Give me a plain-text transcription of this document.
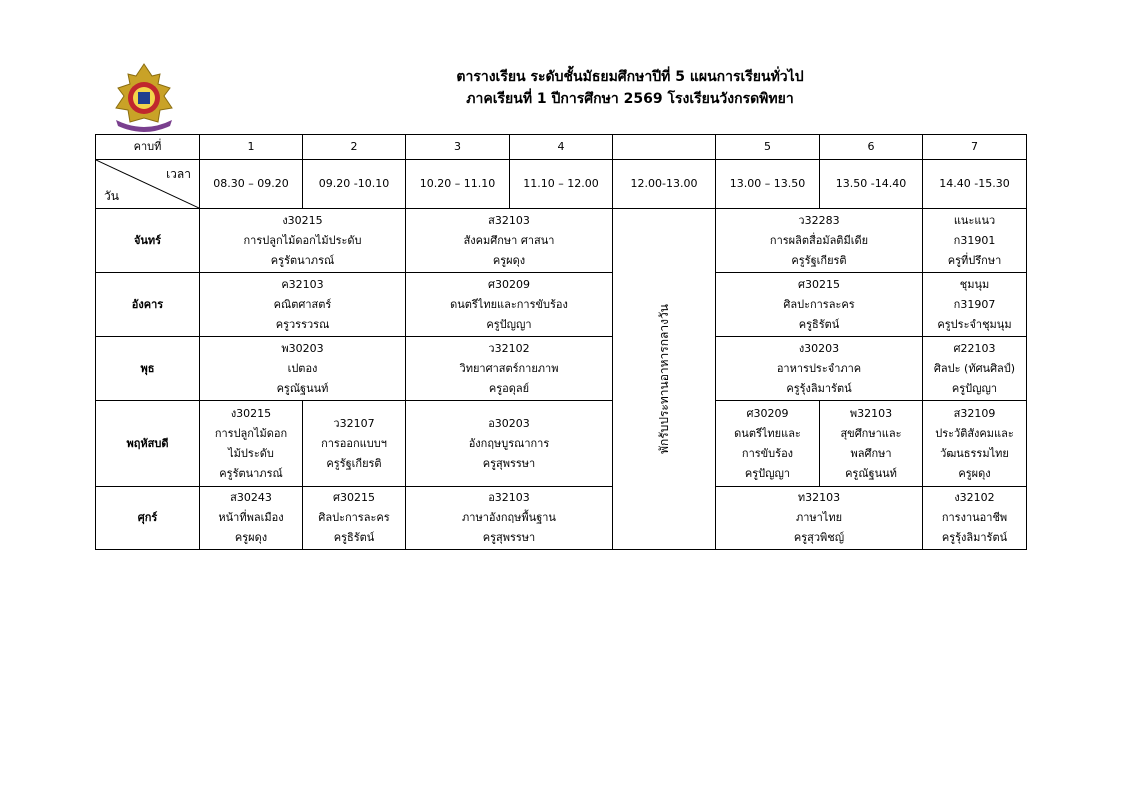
ตารางเรียน ระดับชั้นมัธยมศึกษาปีที่ 5 แผนการเรียนทั่วไป
ภาคเรียนที่ 1 ปีการศึกษา 2569 โรงเรียนวังกรดพิทยา
คาบที่	1	2	3	4		5	6	7

เวลา
วัน	08.30 – 09.20	09.20 -10.10	10.20 – 11.10	11.10 – 12.00	12.00-13.00	13.00 – 13.50	13.50 -14.40	14.40 -15.30
จันทร์	ง30215
การปลูกไม้ดอกไม้ประดับ
ครูรัตนาภรณ์		ส32103
สังคมศึกษา ศาสนา
ครูผดุง		พักรับประทานอาหารกลางวัน	ว32283
การผลิตสื่อมัลติมีเดีย
ครูรัฐเกียรติ		แนะแนว
ก31901
ครูที่ปรึกษา

อังคาร	ค32103
คณิตศาสตร์
ครูวรรวรณ		ศ30209
ดนตรีไทยและการขับร้อง
ครูปัญญา			ศ30215
ศิลปะการละคร
ครูธิรัตน์		ชุมนุม
ก31907
ครูประจำชุมนุม

พุธ	พ30203
เปตอง
ครูณัฐนนท์		ว32102
วิทยาศาสตร์กายภาพ
ครูอดุลย์			ง30203
อาหารประจำภาค
ครูรุ้งลิมารัตน์		ศ22103
ศิลปะ (ทัศนศิลป์)
ครูปัญญา

พฤหัสบดี	ง30215
การปลูกไม้ดอก
ไม้ประดับ
ครูรัตนาภรณ์	ว32107
การออกแบบฯ
ครูรัฐเกียรติ	อ30203
อังกฤษบูรณาการ
ครูสุพรรษา			ศ30209
ดนตรีไทยและ
การขับร้อง
ครูปัญญา	พ32103
สุขศึกษาและ
พลศึกษา
ครูณัฐนนท์	ส32109
ประวัติสังคมและ
วัฒนธรรมไทย
ครูผดุง

ศุกร์	ส30243
หน้าที่พลเมือง
ครูผดุง	ศ30215
ศิลปะการละคร
ครูธิรัตน์	อ32103
ภาษาอังกฤษพื้นฐาน
ครูสุพรรษา			ท32103
ภาษาไทย
ครูสุวพิชญ์		ง32102
การงานอาชีพ
ครูรุ้งลิมารัตน์
